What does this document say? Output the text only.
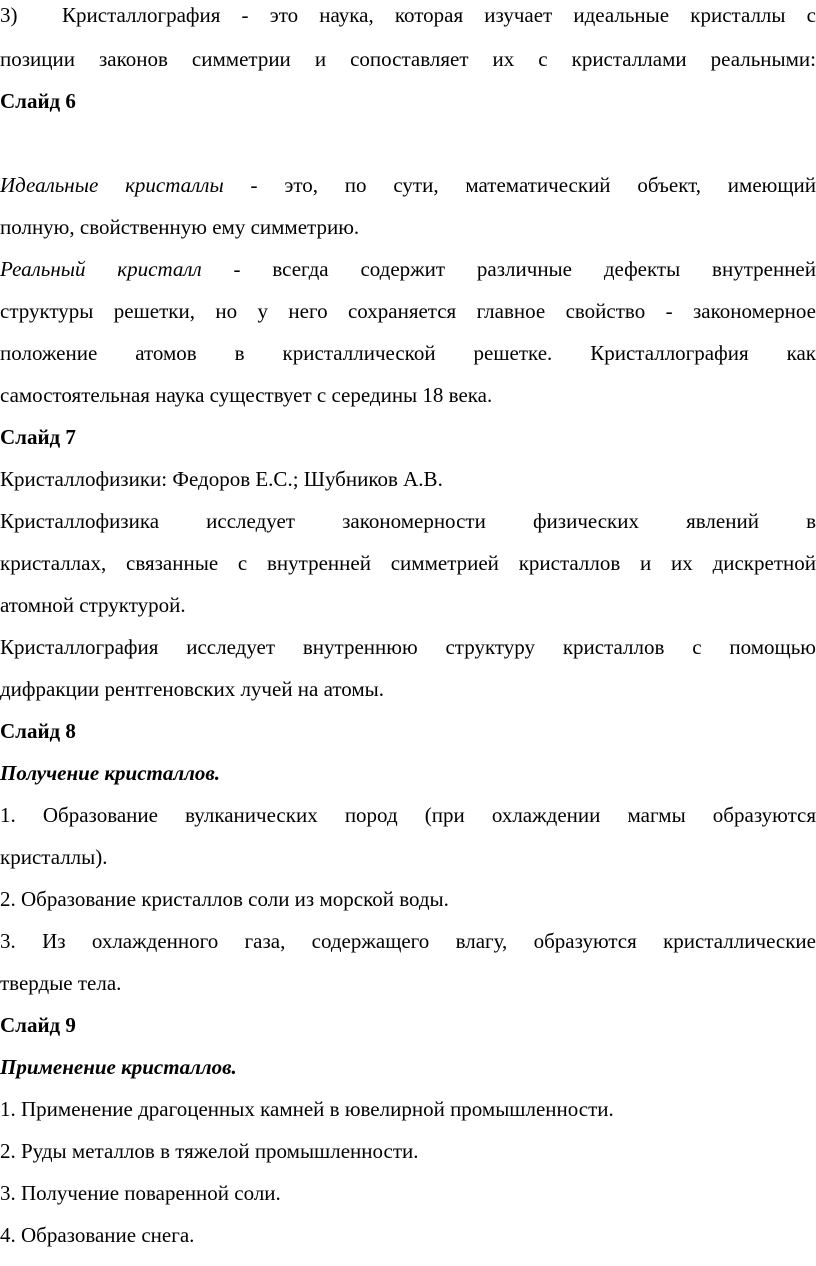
3) Кристаллография - это наука, которая изучает идеальные кристаллы с
позиции законов симметрии и сопоставляет их с кристаллами реальными:
Слайд 6
Идеальные кристаллы - это, по сути, математический объект, имеющий
полную, свойственную ему симметрию.
Реальный кристалл - всегда содержит различные дефекты внутренней
структуры решетки, но у него сохраняется главное свойство - закономерное
положение атомов в кристаллической решетке. Кристаллография как
самостоятельная наука существует с середины 18 века.
Слайд 7
Кристаллофизики: Федоров Е.С.; Шубников А.В.
Кристаллофизика исследует закономерности физических явлений в
кристаллах, связанные с внутренней симметрией кристаллов и их дискретной
атомной структурой.
Кристаллография исследует внутреннюю структуру кристаллов с помощью
дифракции рентгеновских лучей на атомы.
Слайд 8
Получение кристаллов.
1. Образование вулканических пород (при охлаждении магмы образуются
кристаллы).
2. Образование кристаллов соли из морской воды.
3. Из охлажденного газа, содержащего влагу, образуются кристаллические
твердые тела.
Слайд 9
Применение кристаллов.
1. Применение драгоценных камней в ювелирной промышленности.
2. Руды металлов в тяжелой промышленности.
3. Получение поваренной соли.
4. Образование снега.
